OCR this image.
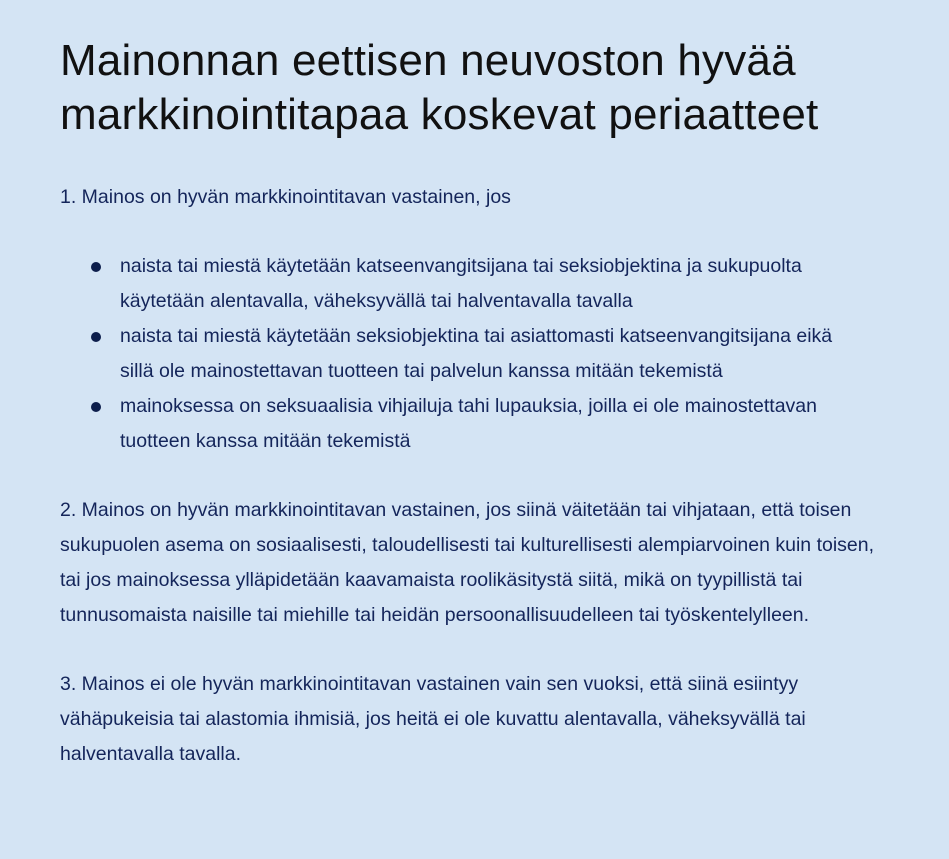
Mainonnan eettisen neuvoston hyvää markkinointitapaa koskevat periaatteet

1. Mainos on hyvän markkinointitavan vastainen, jos

naista tai miestä käytetään katseenvangitsijana tai seksiobjektina ja sukupuolta käytetään alentavalla, väheksyvällä tai halventavalla tavalla
naista tai miestä käytetään seksiobjektina tai asiattomasti katseenvangitsijana eikä sillä ole mainostettavan tuotteen tai palvelun kanssa mitään tekemistä
mainoksessa on seksuaalisia vihjailuja tahi lupauksia, joilla ei ole mainostettavan tuotteen kanssa mitään tekemistä

2. Mainos on hyvän markkinointitavan vastainen, jos siinä väitetään tai vihjataan, että toisen sukupuolen asema on sosiaalisesti, taloudellisesti tai kulturellisesti alempiarvoinen kuin toisen, tai jos mainoksessa ylläpidetään kaavamaista roolikäsitystä siitä, mikä on tyypillistä tai tunnusomaista naisille tai miehille tai heidän persoonallisuudelleen tai työskentelylleen.

3. Mainos ei ole hyvän markkinointitavan vastainen vain sen vuoksi, että siinä esiintyy vähäpukeisia tai alastomia ihmisiä, jos heitä ei ole kuvattu alentavalla, väheksyvällä tai halventavalla tavalla.
